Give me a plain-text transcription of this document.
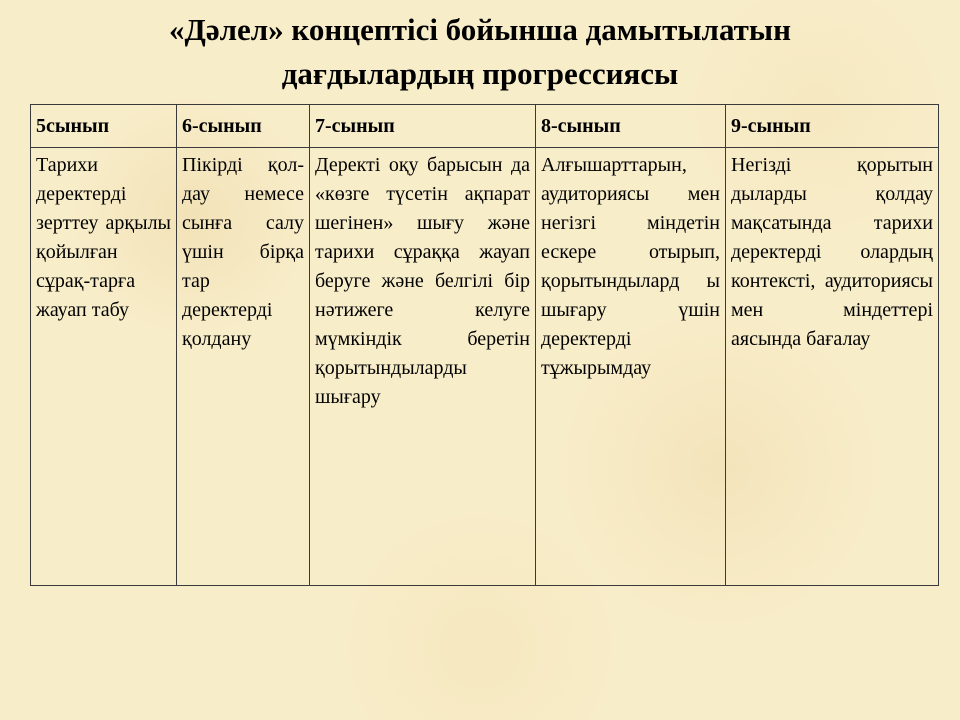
«Дәлел» концептісі бойынша дамытылатын
дағдылардың прогрессиясы
5сынып	6-сынып	7-сынып	8-сынып	9-сынып

Тарихи деректерді зерттеу арқылы қойылған сұрақ-тарға жауап табу	Пікірді қол-дау немесе сынға салу үшін бірқа тар деректерді қолдану	Деректі оқу барысын да «көзге түсетін ақпарат шегінен» шығу және тарихи сұраққа жауап беруге және белгілі бір нәтижеге келуге мүмкіндік беретін қорытындыларды шығару	Алғышарттарын, аудиториясы мен негізгі міндетін ескере отырып, қорытындылард ы шығару үшін деректерді тұжырымдау	Негізді қорытын дыларды қолдау мақсатында тарихи деректерді олардың контексті, аудиториясы мен міндеттері аясында бағалау
